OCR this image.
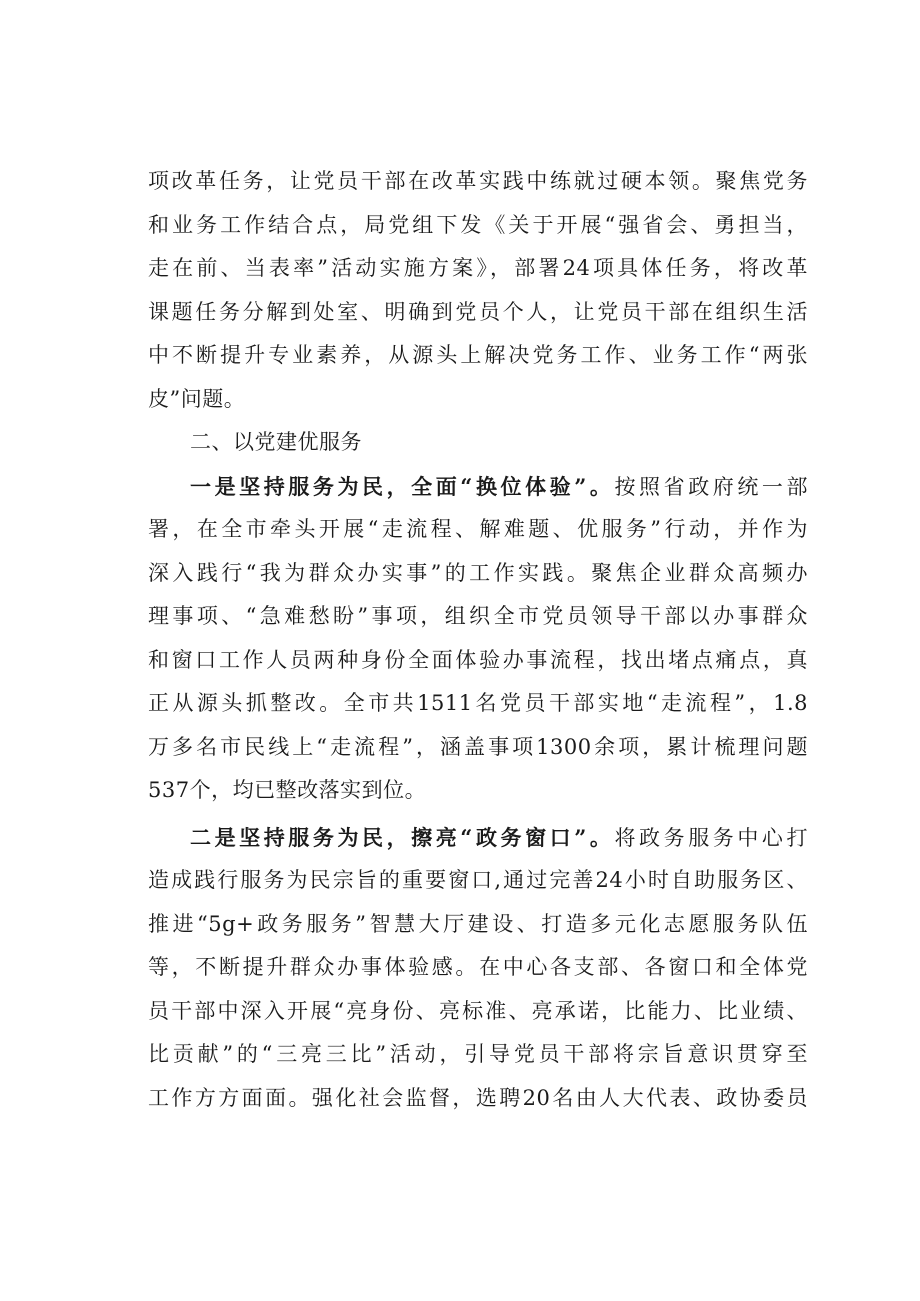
项改革任务，让党员干部在改革实践中练就过硬本领。聚焦党务
和业务工作结合点，局党组下发《关于开展“强省会、勇担当，
走在前、当表率”活动实施方案》，部署24项具体任务，将改革
课题任务分解到处室、明确到党员个人，让党员干部在组织生活
中不断提升专业素养，从源头上解决党务工作、业务工作“两张
皮”问题。
二、以党建优服务
一是坚持服务为民，全面“换位体验”。按照省政府统一部
署，在全市牵头开展“走流程、解难题、优服务”行动，并作为
深入践行“我为群众办实事”的工作实践。聚焦企业群众高频办
理事项、“急难愁盼”事项，组织全市党员领导干部以办事群众
和窗口工作人员两种身份全面体验办事流程，找出堵点痛点，真
正从源头抓整改。全市共1511名党员干部实地“走流程”，1.8
万多名市民线上“走流程”，涵盖事项1300余项，累计梳理问题
537个，均已整改落实到位。
二是坚持服务为民，擦亮“政务窗口”。将政务服务中心打
造成践行服务为民宗旨的重要窗口,通过完善24小时自助服务区、
推进“5g+政务服务”智慧大厅建设、打造多元化志愿服务队伍
等，不断提升群众办事体验感。在中心各支部、各窗口和全体党
员干部中深入开展“亮身份、亮标准、亮承诺，比能力、比业绩、
比贡献”的“三亮三比”活动，引导党员干部将宗旨意识贯穿至
工作方方面面。强化社会监督，选聘20名由人大代表、政协委员
